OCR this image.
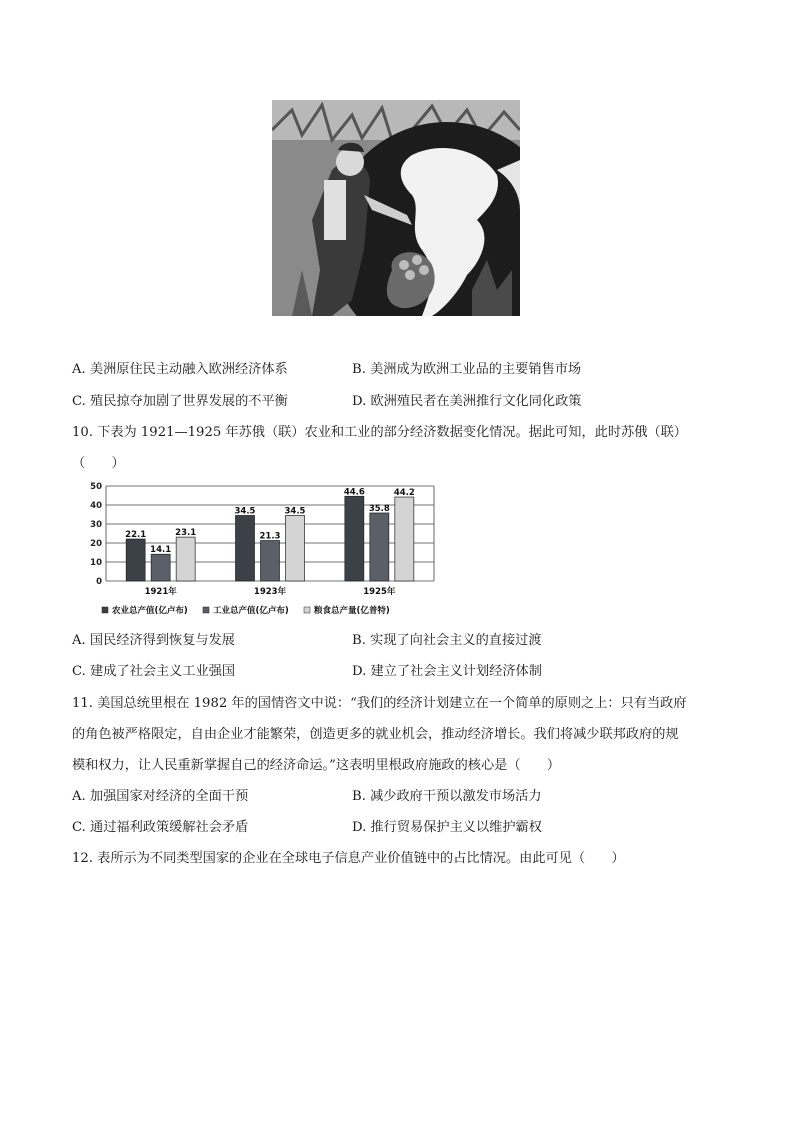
A. 美洲原住民主动融入欧洲经济体系	B. 美洲成为欧洲工业品的主要销售市场
C. 殖民掠夺加剧了世界发展的不平衡	D. 欧洲殖民者在美洲推行文化同化政策
10. 下表为 1921—1925 年苏俄（联）农业和工业的部分经济数据变化情况。据此可知，此时苏俄（联）
（　　）
50
40
30
20
10
0
22.1
14.1
23.1
1921年
34.5
21.3
34.5
1923年
44.6
35.8
44.2
1925年
农业总产值(亿卢布)	工业总产值(亿卢布)	粮食总产量(亿普特)
A. 国民经济得到恢复与发展	B. 实现了向社会主义的直接过渡
C. 建成了社会主义工业强国	D. 建立了社会主义计划经济体制
11. 美国总统里根在 1982 年的国情咨文中说：“我们的经济计划建立在一个简单的原则之上：只有当政府
的角色被严格限定，自由企业才能繁荣，创造更多的就业机会，推动经济增长。我们将减少联邦政府的规
模和权力，让人民重新掌握自己的经济命运。”这表明里根政府施政的核心是（　　）
A. 加强国家对经济的全面干预	B. 减少政府干预以激发市场活力
C. 通过福利政策缓解社会矛盾	D. 推行贸易保护主义以维护霸权
12. 表所示为不同类型国家的企业在全球电子信息产业价值链中的占比情况。由此可见（　　）
